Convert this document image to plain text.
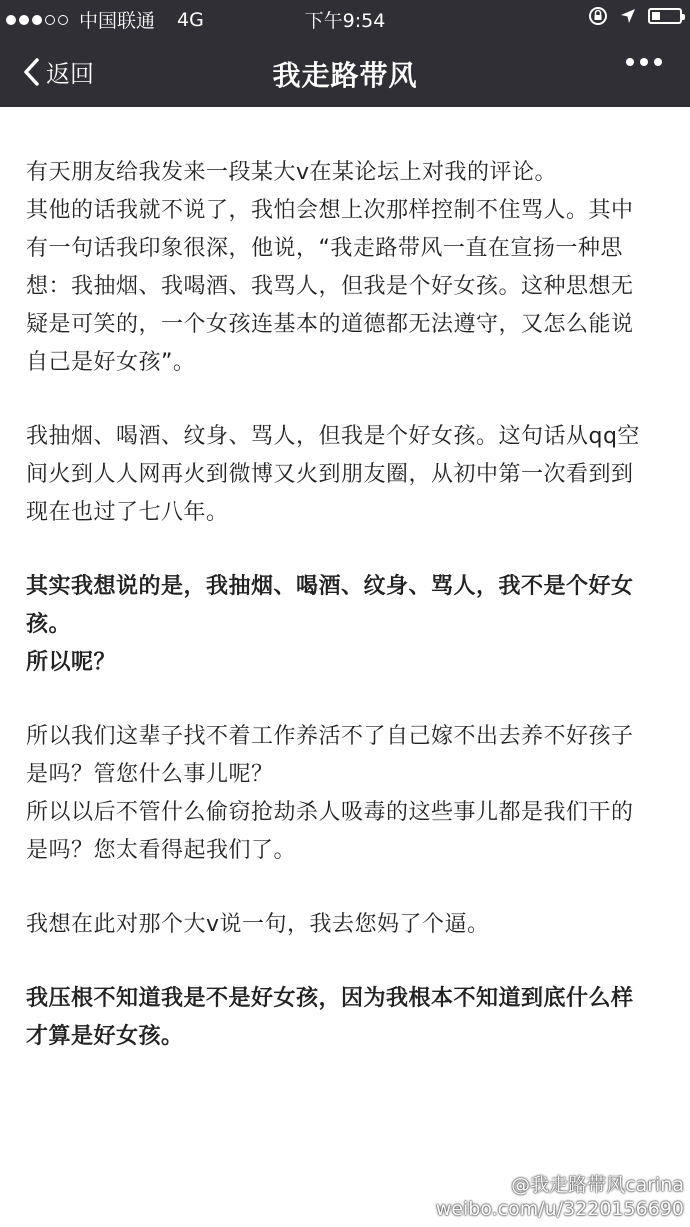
中国联通 4G	下午9:54
返回	我走路带风
有天朋友给我发来一段某大v在某论坛上对我的评论。
其他的话我就不说了，我怕会想上次那样控制不住骂人。其中
有一句话我印象很深，他说，“我走路带风一直在宣扬一种思
想：我抽烟、我喝酒、我骂人，但我是个好女孩。这种思想无
疑是可笑的，一个女孩连基本的道德都无法遵守，又怎么能说
自己是好女孩”。
我抽烟、喝酒、纹身、骂人，但我是个好女孩。这句话从qq空
间火到人人网再火到微博又火到朋友圈，从初中第一次看到到
现在也过了七八年。
其实我想说的是，我抽烟、喝酒、纹身、骂人，我不是个好女
孩。
所以呢？
所以我们这辈子找不着工作养活不了自己嫁不出去养不好孩子
是吗？管您什么事儿呢？
所以以后不管什么偷窃抢劫杀人吸毒的这些事儿都是我们干的
是吗？您太看得起我们了。
我想在此对那个大v说一句，我去您妈了个逼。
我压根不知道我是不是好女孩，因为我根本不知道到底什么样
才算是好女孩。
@我走路带风carina
weibo.com/u/3220156690
